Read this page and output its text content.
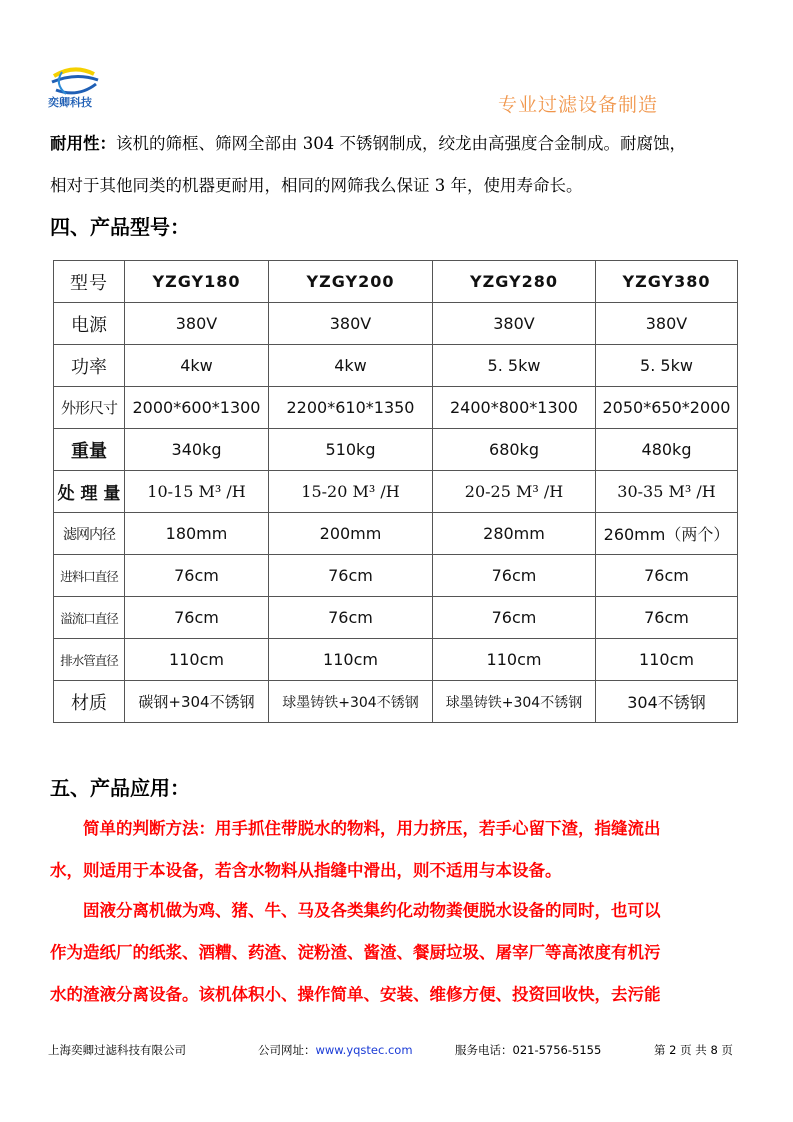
奕卿科技	专业过滤设备制造
耐用性：该机的筛框、筛网全部由 304 不锈钢制成，绞龙由高强度合金制成。耐腐蚀，
相对于其他同类的机器更耐用，相同的网筛我么保证 3 年，使用寿命长。
四、产品型号：
型号	YZGY180	YZGY200	YZGY280	YZGY380
电源	380V	380V	380V	380V
功率	4kw	4kw	5. 5kw	5. 5kw
外形尺寸	2000*600*1300	2200*610*1350	2400*800*1300	2050*650*2000
重量	340kg	510kg	680kg	480kg
处 理 量	10-15 M³ /H	15-20 M³ /H	20-25 M³ /H	30-35 M³ /H
滤网内径	180mm	200mm	280mm	260mm（两个）
进料口直径	76cm	76cm	76cm	76cm
溢流口直径	76cm	76cm	76cm	76cm
排水管直径	110cm	110cm	110cm	110cm
材质	碳钢+304不锈钢	球墨铸铁+304不锈钢	球墨铸铁+304不锈钢	304不锈钢
五、产品应用：
简单的判断方法：用手抓住带脱水的物料，用力挤压，若手心留下渣，指缝流出
水，则适用于本设备，若含水物料从指缝中滑出，则不适用与本设备。
固液分离机做为鸡、猪、牛、马及各类集约化动物粪便脱水设备的同时，也可以
作为造纸厂的纸浆、酒糟、药渣、淀粉渣、酱渣、餐厨垃圾、屠宰厂等高浓度有机污
水的渣液分离设备。该机体积小、操作简单、安装、维修方便、投资回收快，去污能
上海奕卿过滤科技有限公司	公司网址：www.yqstec.com	服务电话：021-5756-5155	第 2 页 共 8 页
